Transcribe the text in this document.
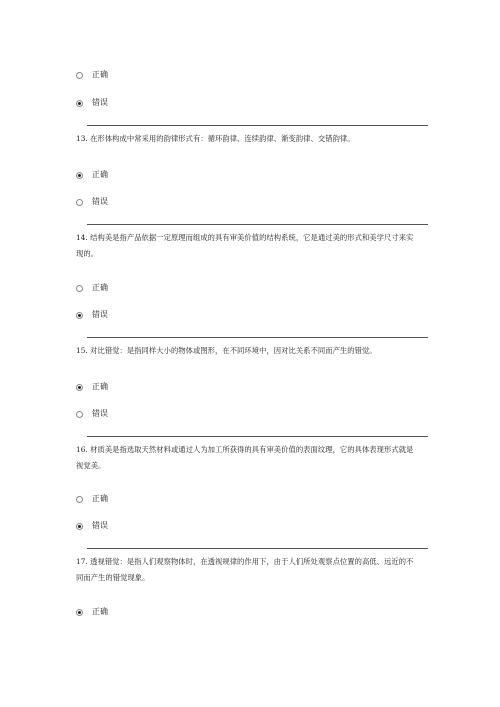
正确
错误
13. 在形体构成中常采用的韵律形式有：循环韵律、连续韵律、渐变韵律、交错韵律。
正确
错误
14. 结构美是指产品依据一定原理而组成的具有审美价值的结构系统，它是通过美的形式和美学尺寸来实现的。
正确
错误
15. 对比错觉：是指同样大小的物体或图形，在不同环境中，因对比关系不同而产生的错觉。
正确
错误
16. 材质美是指选取天然材料或通过人为加工所获得的具有审美价值的表面纹理，它的具体表现形式就是视觉美。
正确
错误
17. 透视错觉：是指人们观察物体时，在透视规律的作用下，由于人们所处观察点位置的高低、远近的不同而产生的错觉现象。
正确
